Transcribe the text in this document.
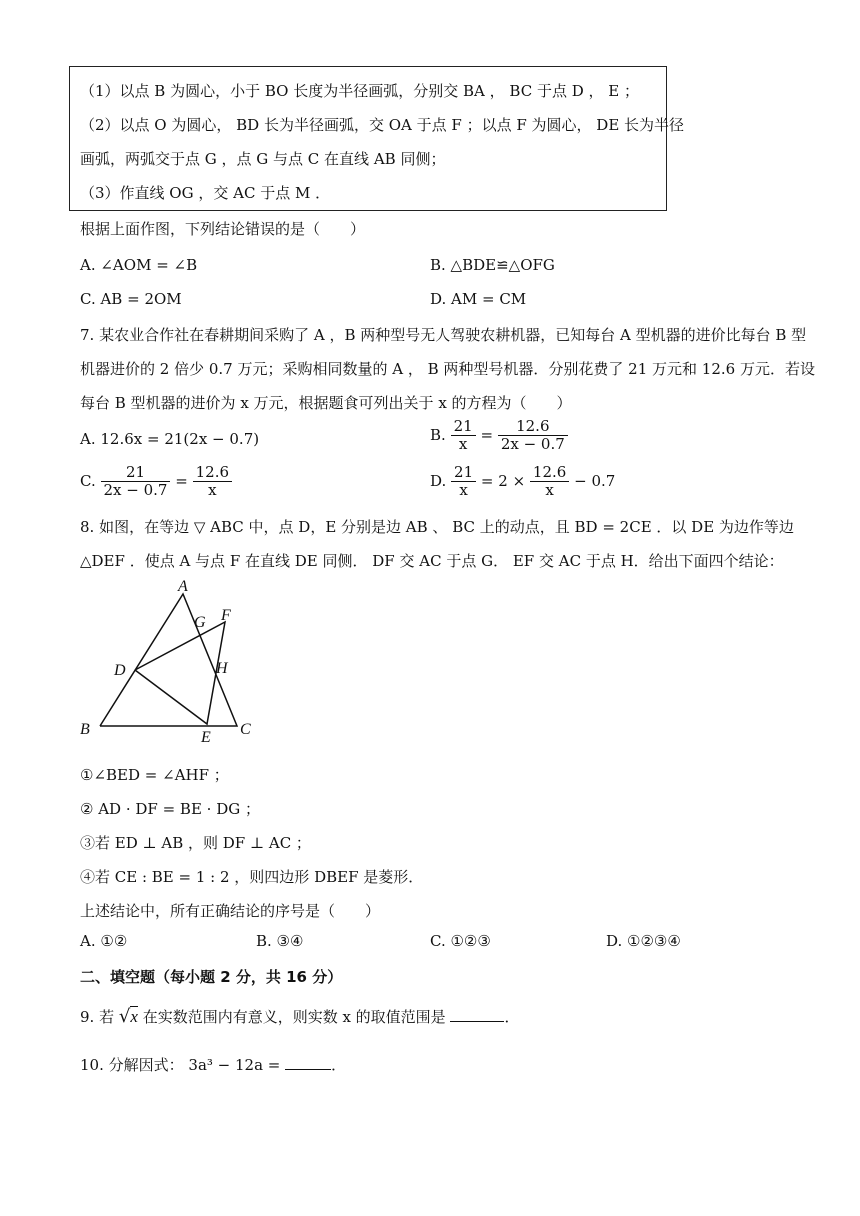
（1）以点 B 为圆心，小于 BO 长度为半径画弧，分别交 BA ， BC 于点 D ， E ；
（2）以点 O 为圆心， BD 长为半径画弧，交 OA 于点 F ；以点 F 为圆心， DE 长为半径
画弧，两弧交于点 G ，点 G 与点 C 在直线 AB 同侧；
（3）作直线 OG ，交 AC 于点 M ．
根据上面作图，下列结论错误的是（　　）
A. ∠AOM = ∠B	B. △BDE≌△OFG
C. AB = 2OM	D. AM = CM
7. 某农业合作社在春耕期间采购了 A ，B 两种型号无人驾驶农耕机器，已知每台 A 型机器的进价比每台 B 型
机器进价的 2 倍少 0.7 万元；采购相同数量的 A ， B 两种型号机器．分别花费了 21 万元和 12.6 万元．若设
每台 B 型机器的进价为 x 万元，根据题食可列出关于 x 的方程为（　　）
A. 12.6x = 21(2x − 0.7)	B. $\frac{21}{x} = \frac{12.6}{2x - 0.7}$
C. $\frac{21}{2x - 0.7} = \frac{12.6}{x}$	D. $\frac{21}{x} = 2 \times \frac{12.6}{x} - 0.7$
8. 如图，在等边 ▽ ABC 中，点 D，E 分别是边 AB 、 BC 上的动点，且 BD = 2CE ．以 DE 为边作等边
△DEF ．使点 A 与点 F 在直线 DE 同侧． DF 交 AC 于点 G． EF 交 AC 于点 H．给出下面四个结论：
A
B	C
D
E
F
G
H
①∠BED = ∠AHF ；
② AD · DF = BE · DG ；
③若 ED ⊥ AB ，则 DF ⊥ AC ；
④若 CE : BE = 1 : 2 ，则四边形 DBEF 是菱形．
上述结论中，所有正确结论的序号是（　　）
A. ①②	B. ③④	C. ①②③	D. ①②③④
二、填空题（每小题 2 分，共 16 分）
9. 若 √x 在实数范围内有意义，则实数 x 的取值范围是	．
10. 分解因式： 3a³ − 12a =	．
